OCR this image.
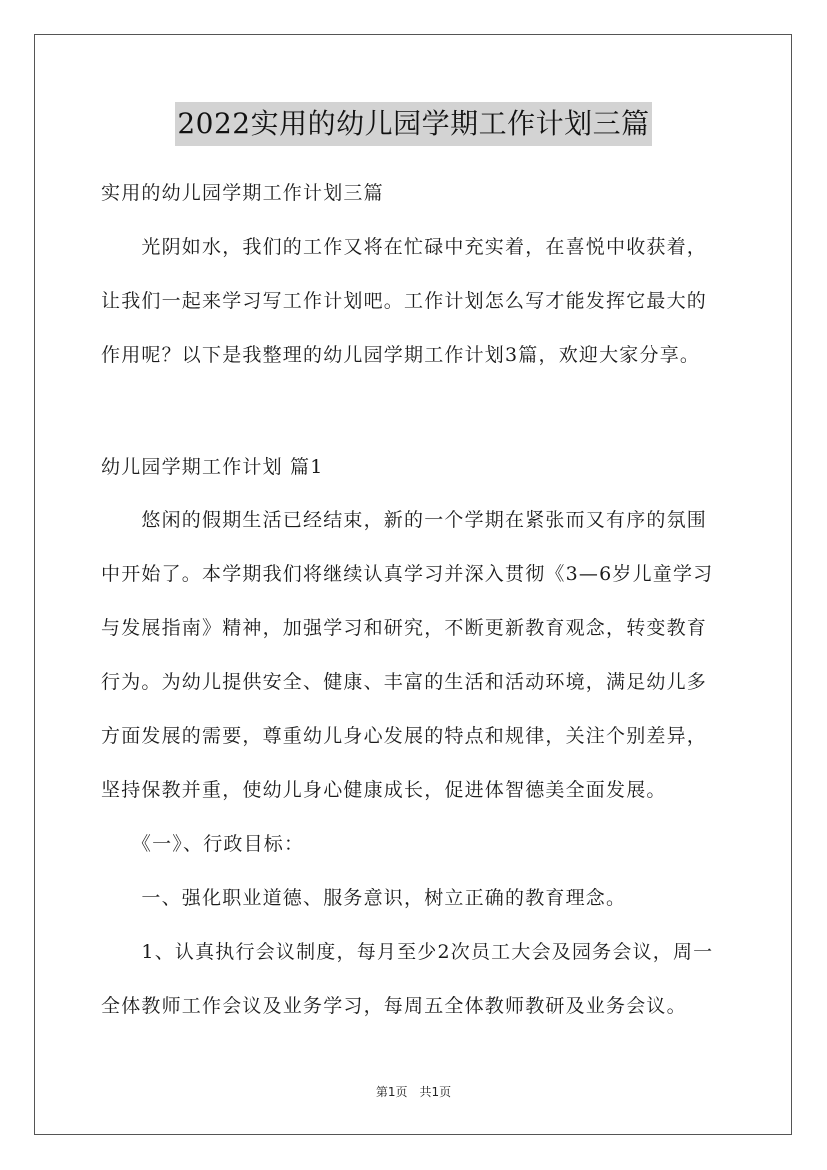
2022实用的幼儿园学期工作计划三篇
实用的幼儿园学期工作计划三篇
　　光阴如水，我们的工作又将在忙碌中充实着，在喜悦中收获着，
让我们一起来学习写工作计划吧。工作计划怎么写才能发挥它最大的
作用呢？以下是我整理的幼儿园学期工作计划3篇，欢迎大家分享。
幼儿园学期工作计划 篇1
　　悠闲的假期生活已经结束，新的一个学期在紧张而又有序的氛围
中开始了。本学期我们将继续认真学习并深入贯彻《3—6岁儿童学习
与发展指南》精神，加强学习和研究，不断更新教育观念，转变教育
行为。为幼儿提供安全、健康、丰富的生活和活动环境，满足幼儿多
方面发展的需要，尊重幼儿身心发展的特点和规律，关注个别差异，
坚持保教并重，使幼儿身心健康成长，促进体智德美全面发展。
　　《一》、行政目标：
　　一、强化职业道德、服务意识，树立正确的教育理念。
　　1、认真执行会议制度，每月至少2次员工大会及园务会议，周一
全体教师工作会议及业务学习，每周五全体教师教研及业务会议。
第1页　共1页
